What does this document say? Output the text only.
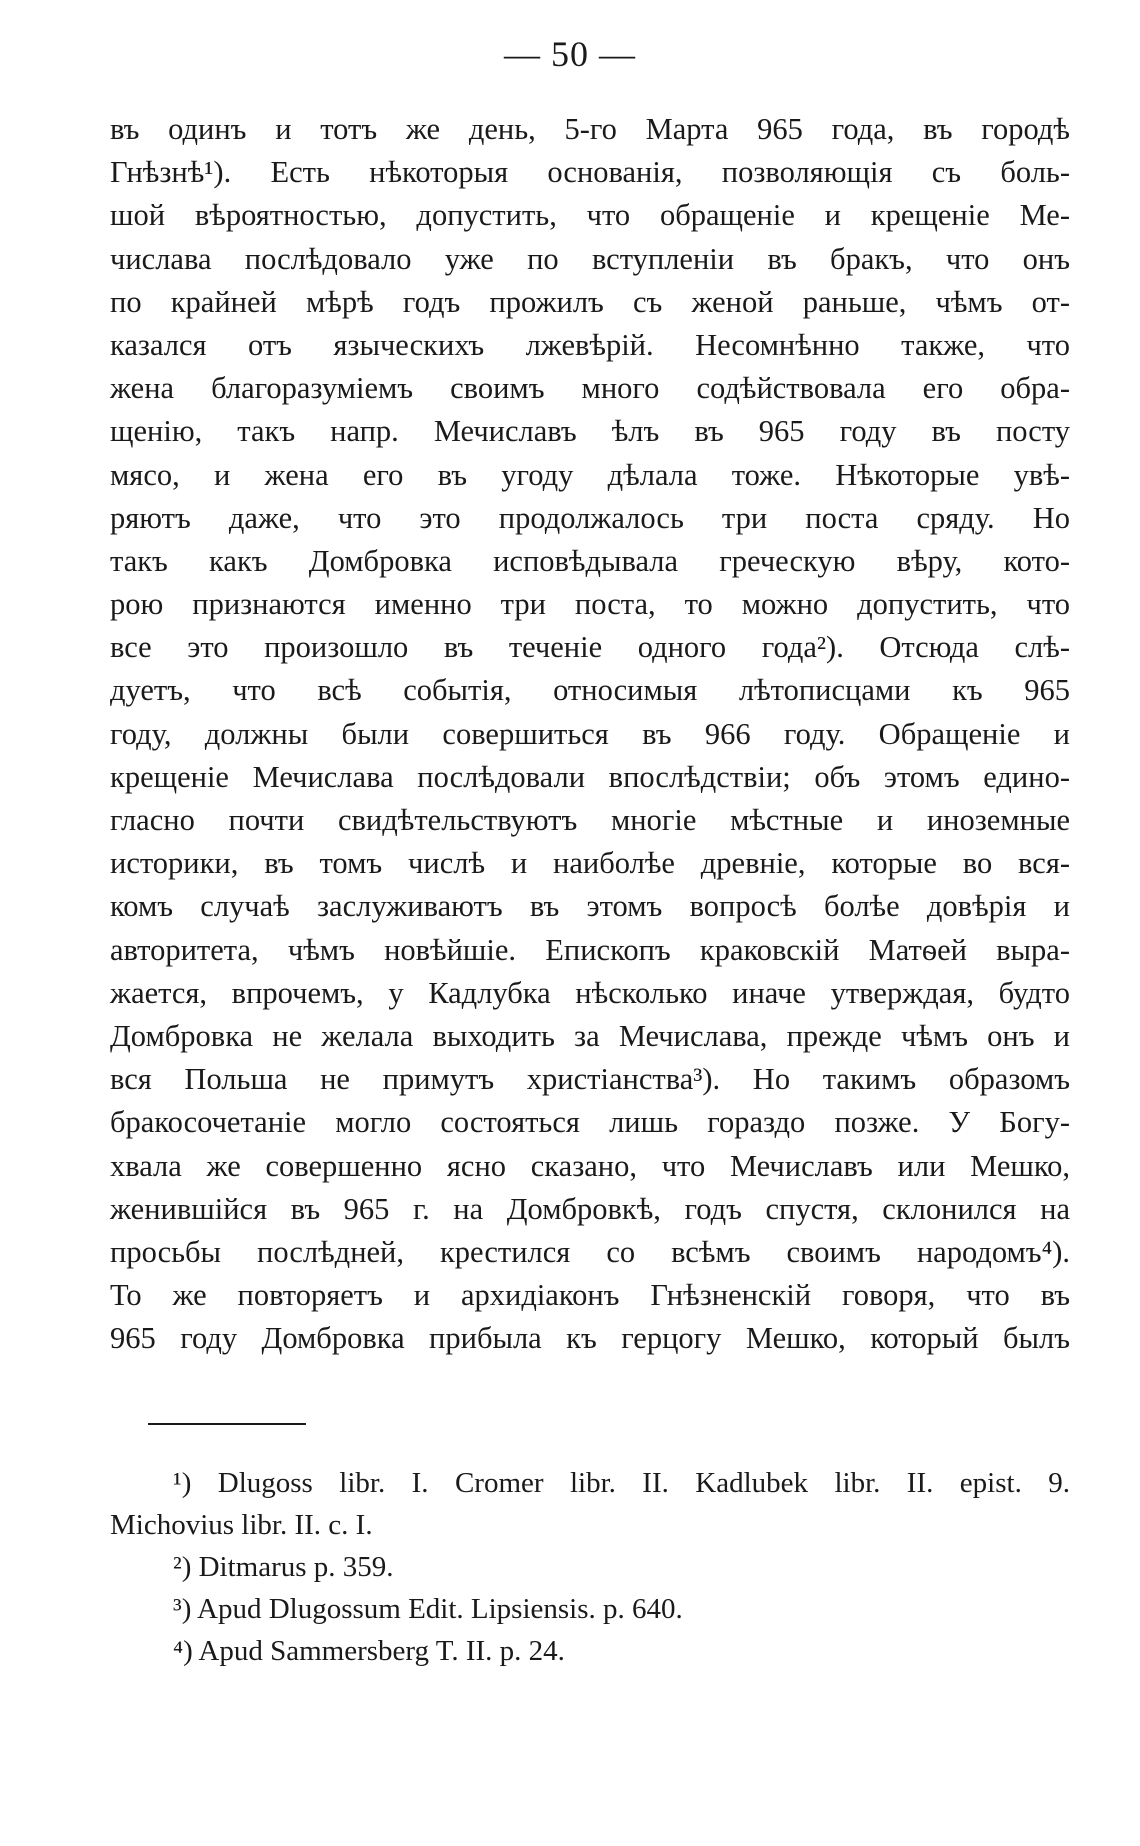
— 50 —
въ одинъ и тотъ же день, 5-го Марта 965 года, въ городѣ
Гнѣзнѣ¹). Есть нѣкоторыя основанія, позволяющія съ боль-
шой вѣроятностью, допустить, что обращеніе и крещеніе Ме-
числава послѣдовало уже по вступленіи въ бракъ, что онъ
по крайней мѣрѣ годъ прожилъ съ женой раньше, чѣмъ от-
казался отъ языческихъ лжевѣрій. Несомнѣнно также, что
жена благоразуміемъ своимъ много содѣйствовала его обра-
щенію, такъ напр. Мечиславъ ѣлъ въ 965 году въ посту
мясо, и жена его въ угоду дѣлала тоже. Нѣкоторые увѣ-
ряютъ даже, что это продолжалось три поста сряду. Но
такъ какъ Домбровка исповѣдывала греческую вѣру, кото-
рою признаются именно три поста, то можно допустить, что
все это произошло въ теченіе одного года²). Отсюда слѣ-
дуетъ, что всѣ событія, относимыя лѣтописцами къ 965
году, должны были совершиться въ 966 году. Обращеніе и
крещеніе Мечислава послѣдовали впослѣдствіи; объ этомъ едино-
гласно почти свидѣтельствуютъ многіе мѣстные и иноземные
историки, въ томъ числѣ и наиболѣе древніе, которые во вся-
комъ случаѣ заслуживаютъ въ этомъ вопросѣ болѣе довѣрія и
авторитета, чѣмъ новѣйшіе. Епископъ краковскій Матѳей выра-
жается, впрочемъ, у Кадлубка нѣсколько иначе утверждая, будто
Домбровка не желала выходить за Мечислава, прежде чѣмъ онъ и
вся Польша не примутъ христіанства³). Но такимъ образомъ
бракосочетаніе могло состояться лишь гораздо позже. У Богу-
хвала же совершенно ясно сказано, что Мечиславъ или Мешко,
женившійся въ 965 г. на Домбровкѣ, годъ спустя, склонился на
просьбы послѣдней, крестился со всѣмъ своимъ народомъ⁴).
То же повторяетъ и архидіаконъ Гнѣзненскій говоря, что въ
965 году Домбровка прибыла къ герцогу Мешко, который былъ
¹) Dlugoss libr. I. Cromer libr. II. Kadlubek libr. II. epist. 9.
Michovius libr. II. c. I.
²) Ditmarus p. 359.
³) Apud Dlugossum Edit. Lipsiensis. p. 640.
⁴) Apud Sammersberg T. II. p. 24.
